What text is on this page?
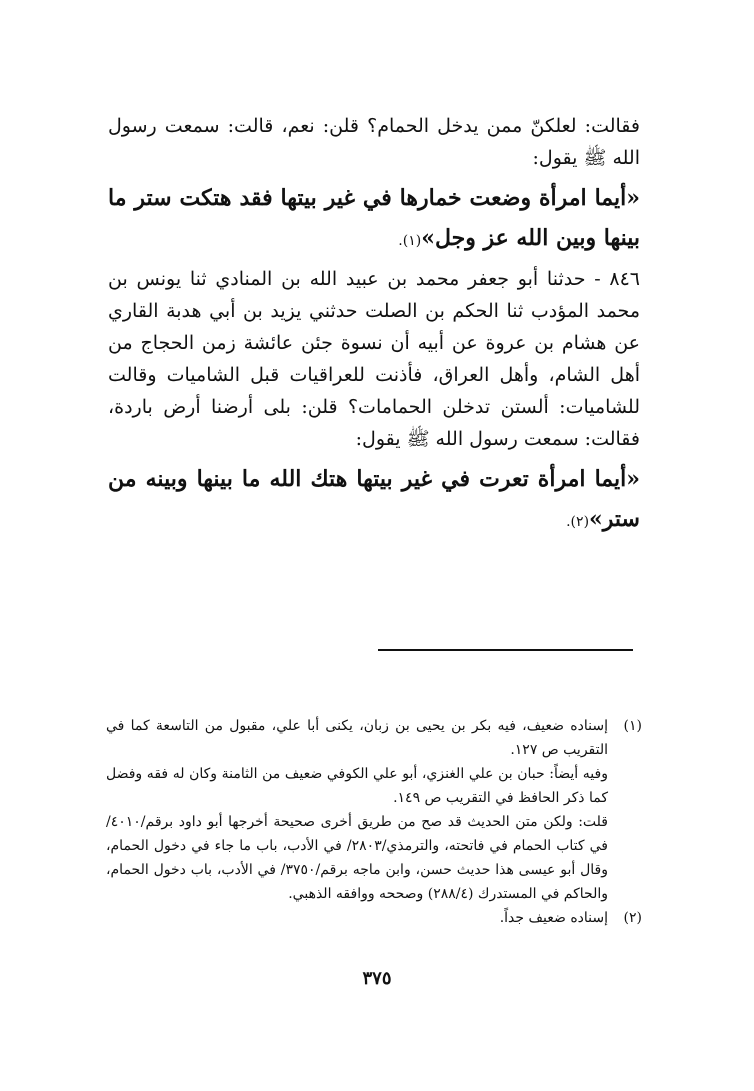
فقالت: لعلكنّ ممن يدخل الحمام؟ قلن: نعم، قالت: سمعت رسول الله ﷺ يقول:

«أيما امرأة وضعت خمارها في غير بيتها فقد هتكت ستر ما بينها وبين الله عز وجل»(١).

٨٤٦ - حدثنا أبو جعفر محمد بن عبيد الله بن المنادي ثنا يونس بن محمد المؤدب ثنا الحكم بن الصلت حدثني يزيد بن أبي هدبة القاري عن هشام بن عروة عن أبيه أن نسوة جئن عائشة زمن الحجاج من أهل الشام، وأهل العراق، فأذنت للعراقيات قبل الشاميات وقالت للشاميات: ألستن تدخلن الحمامات؟ قلن: بلى أرضنا أرض باردة، فقالت: سمعت رسول الله ﷺ يقول:

«أيما امرأة تعرت في غير بيتها هتك الله ما بينها وبينه من ستر»(٢).

(١)

إسناده ضعيف، فيه بكر بن يحيى بن زبان، يكنى أبا علي، مقبول من التاسعة كما في التقريب ص ١٢٧.

وفيه أيضاً: حبان بن علي الغنزي، أبو علي الكوفي ضعيف من الثامنة وكان له فقه وفضل كما ذكر الحافظ في التقريب ص ١٤٩.

قلت: ولكن متن الحديث قد صح من طريق أخرى صحيحة أخرجها أبو داود برقم/٤٠١٠/ في كتاب الحمام في فاتحته، والترمذي/٢٨٠٣/ في الأدب، باب ما جاء في دخول الحمام، وقال أبو عيسى هذا حديث حسن، وابن ماجه برقم/٣٧٥٠/ في الأدب، باب دخول الحمام، والحاكم في المستدرك (٢٨٨/٤) وصححه ووافقه الذهبي.

(٢)

إسناده ضعيف جداً.

٣٧٥
